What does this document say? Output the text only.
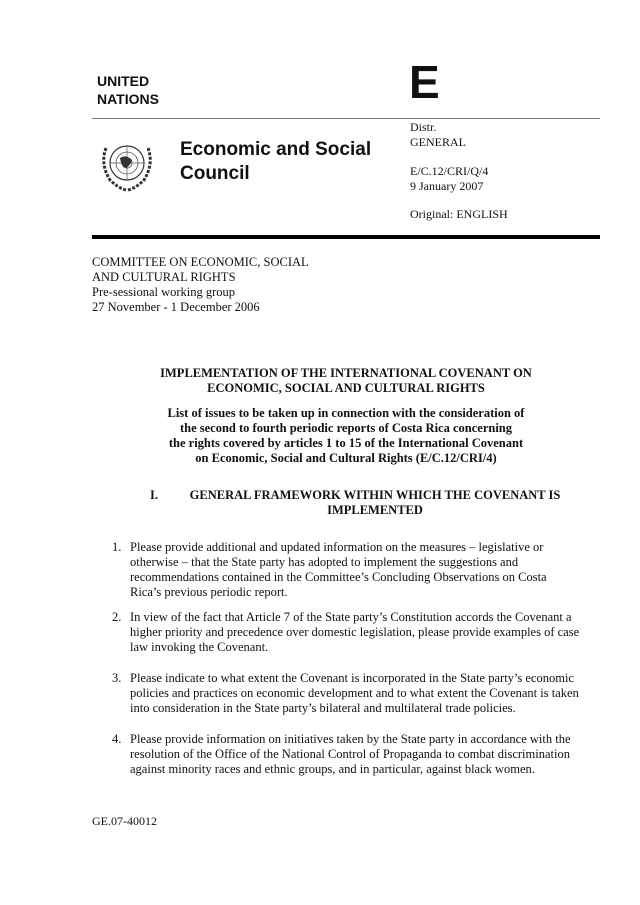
UNITED
NATIONS	E
Economic and Social
Council
Distr.
GENERAL
E/C.12/CRI/Q/4
9 January 2007
Original: ENGLISH
COMMITTEE ON ECONOMIC, SOCIAL
AND CULTURAL RIGHTS
Pre-sessional working group
27 November - 1 December 2006
IMPLEMENTATION OF THE INTERNATIONAL COVENANT ON
ECONOMIC, SOCIAL AND CULTURAL RIGHTS
List of issues to be taken up in connection with the consideration of
the second to fourth periodic reports of Costa Rica concerning
the rights covered by articles 1 to 15 of the International Covenant
on Economic, Social and Cultural Rights (E/C.12/CRI/4)
I.	GENERAL FRAMEWORK WITHIN WHICH THE COVENANT IS
IMPLEMENTED
1. Please provide additional and updated information on the measures – legislative or
otherwise – that the State party has adopted to implement the suggestions and
recommendations contained in the Committee’s Concluding Observations on Costa
Rica’s previous periodic report.
2. In view of the fact that Article 7 of the State party’s Constitution accords the Covenant a
higher priority and precedence over domestic legislation, please provide examples of case
law invoking the Covenant.
3. Please indicate to what extent the Covenant is incorporated in the State party’s economic
policies and practices on economic development and to what extent the Covenant is taken
into consideration in the State party’s bilateral and multilateral trade policies.
4. Please provide information on initiatives taken by the State party in accordance with the
resolution of the Office of the National Control of Propaganda to combat discrimination
against minority races and ethnic groups, and in particular, against black women.
GE.07-40012
